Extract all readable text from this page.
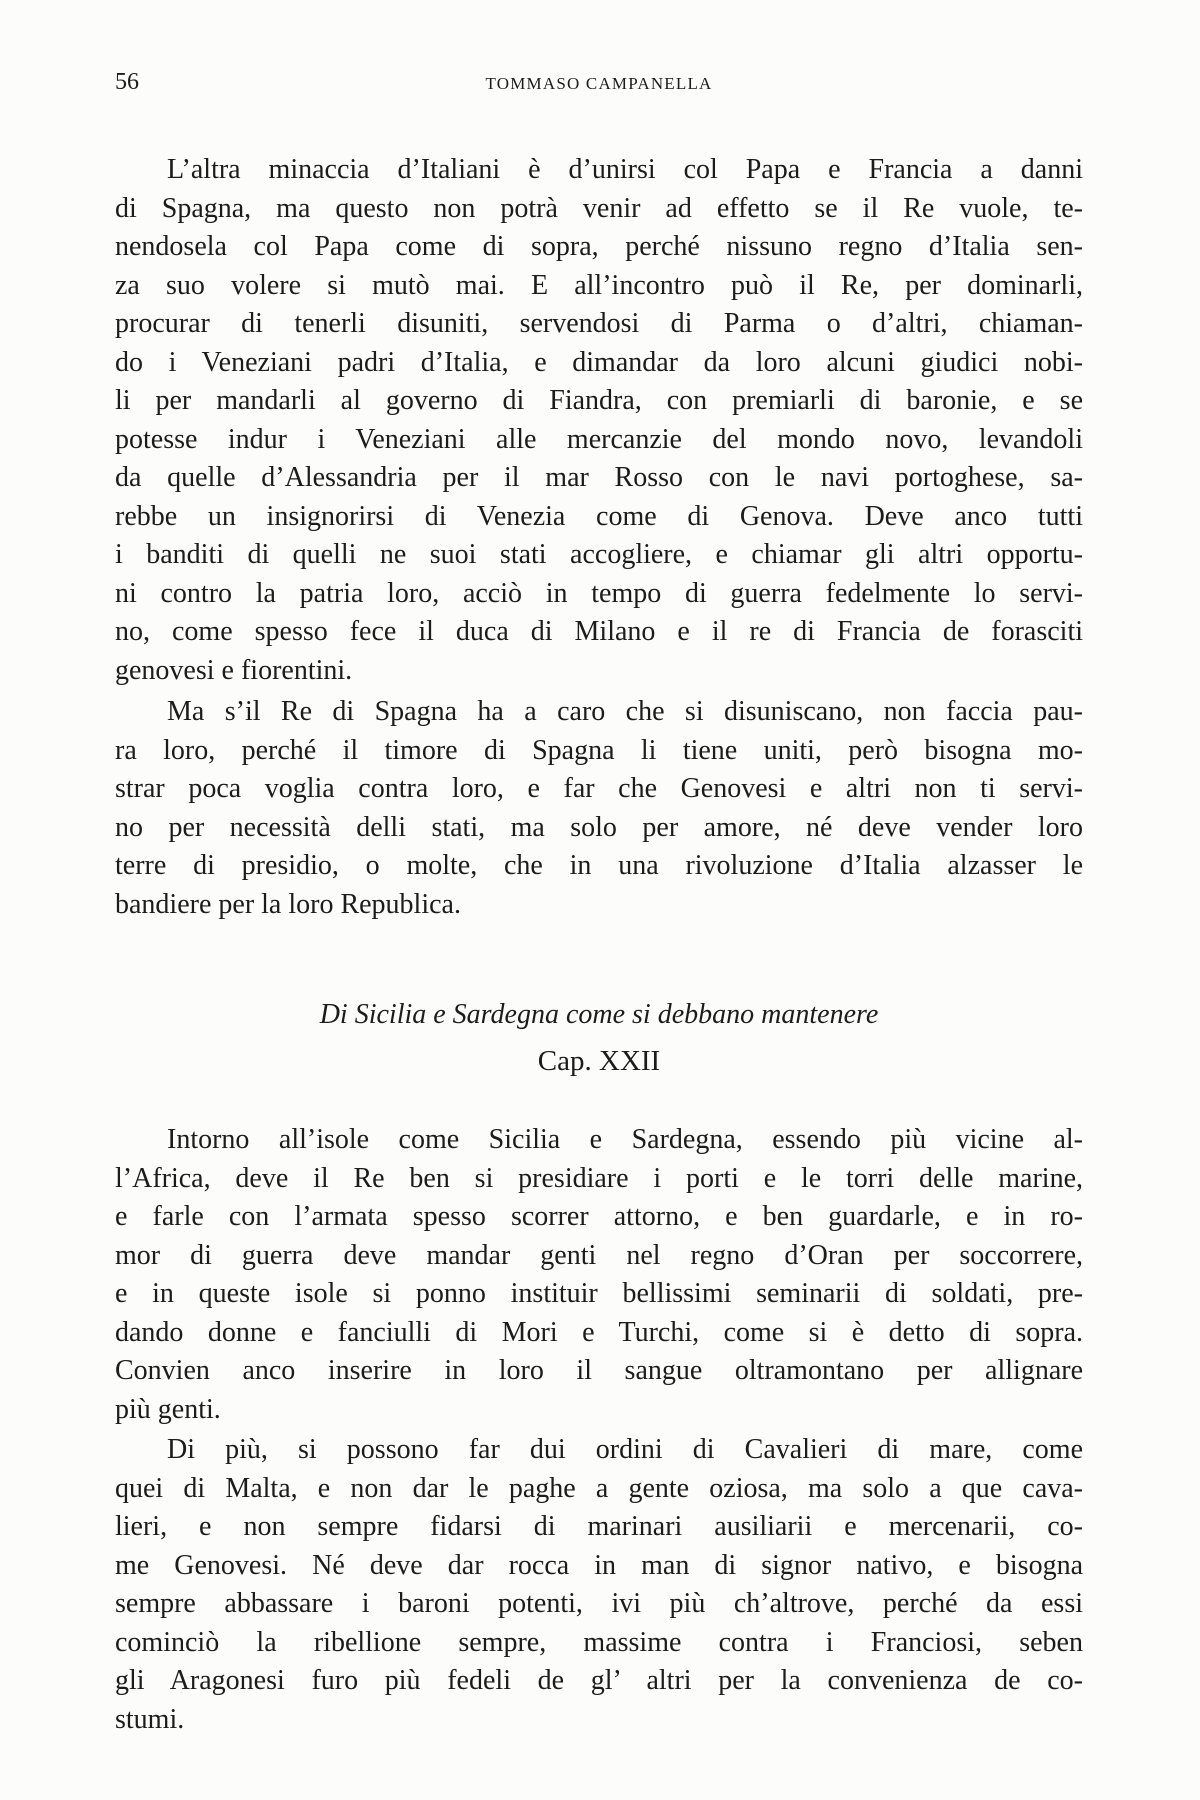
56	TOMMASO CAMPANELLA
L’altra minaccia d’Italiani è d’unirsi col Papa e Francia a danni
di Spagna, ma questo non potrà venir ad effetto se il Re vuole, te-
nendosela col Papa come di sopra, perché nissuno regno d’Italia sen-
za suo volere si mutò mai. E all’incontro può il Re, per dominarli,
procurar di tenerli disuniti, servendosi di Parma o d’altri, chiaman-
do i Veneziani padri d’Italia, e dimandar da loro alcuni giudici nobi-
li per mandarli al governo di Fiandra, con premiarli di baronie, e se
potesse indur i Veneziani alle mercanzie del mondo novo, levandoli
da quelle d’Alessandria per il mar Rosso con le navi portoghese, sa-
rebbe un insignorirsi di Venezia come di Genova. Deve anco tutti
i banditi di quelli ne suoi stati accogliere, e chiamar gli altri opportu-
ni contro la patria loro, acciò in tempo di guerra fedelmente lo servi-
no, come spesso fece il duca di Milano e il re di Francia de forasciti
genovesi e fiorentini.
Ma s’il Re di Spagna ha a caro che si disuniscano, non faccia pau-
ra loro, perché il timore di Spagna li tiene uniti, però bisogna mo-
strar poca voglia contra loro, e far che Genovesi e altri non ti servi-
no per necessità delli stati, ma solo per amore, né deve vender loro
terre di presidio, o molte, che in una rivoluzione d’Italia alzasser le
bandiere per la loro Republica.
Di Sicilia e Sardegna come si debbano mantenere
Cap. XXII
Intorno all’isole come Sicilia e Sardegna, essendo più vicine al-
l’Africa, deve il Re ben si presidiare i porti e le torri delle marine,
e farle con l’armata spesso scorrer attorno, e ben guardarle, e in ro-
mor di guerra deve mandar genti nel regno d’Oran per soccorrere,
e in queste isole si ponno instituir bellissimi seminarii di soldati, pre-
dando donne e fanciulli di Mori e Turchi, come si è detto di sopra.
Convien anco inserire in loro il sangue oltramontano per allignare
più genti.
Di più, si possono far dui ordini di Cavalieri di mare, come
quei di Malta, e non dar le paghe a gente oziosa, ma solo a que cava-
lieri, e non sempre fidarsi di marinari ausiliarii e mercenarii, co-
me Genovesi. Né deve dar rocca in man di signor nativo, e bisogna
sempre abbassare i baroni potenti, ivi più ch’altrove, perché da essi
cominciò la ribellione sempre, massime contra i Franciosi, seben
gli Aragonesi furo più fedeli de gl’ altri per la convenienza de co-
stumi.
